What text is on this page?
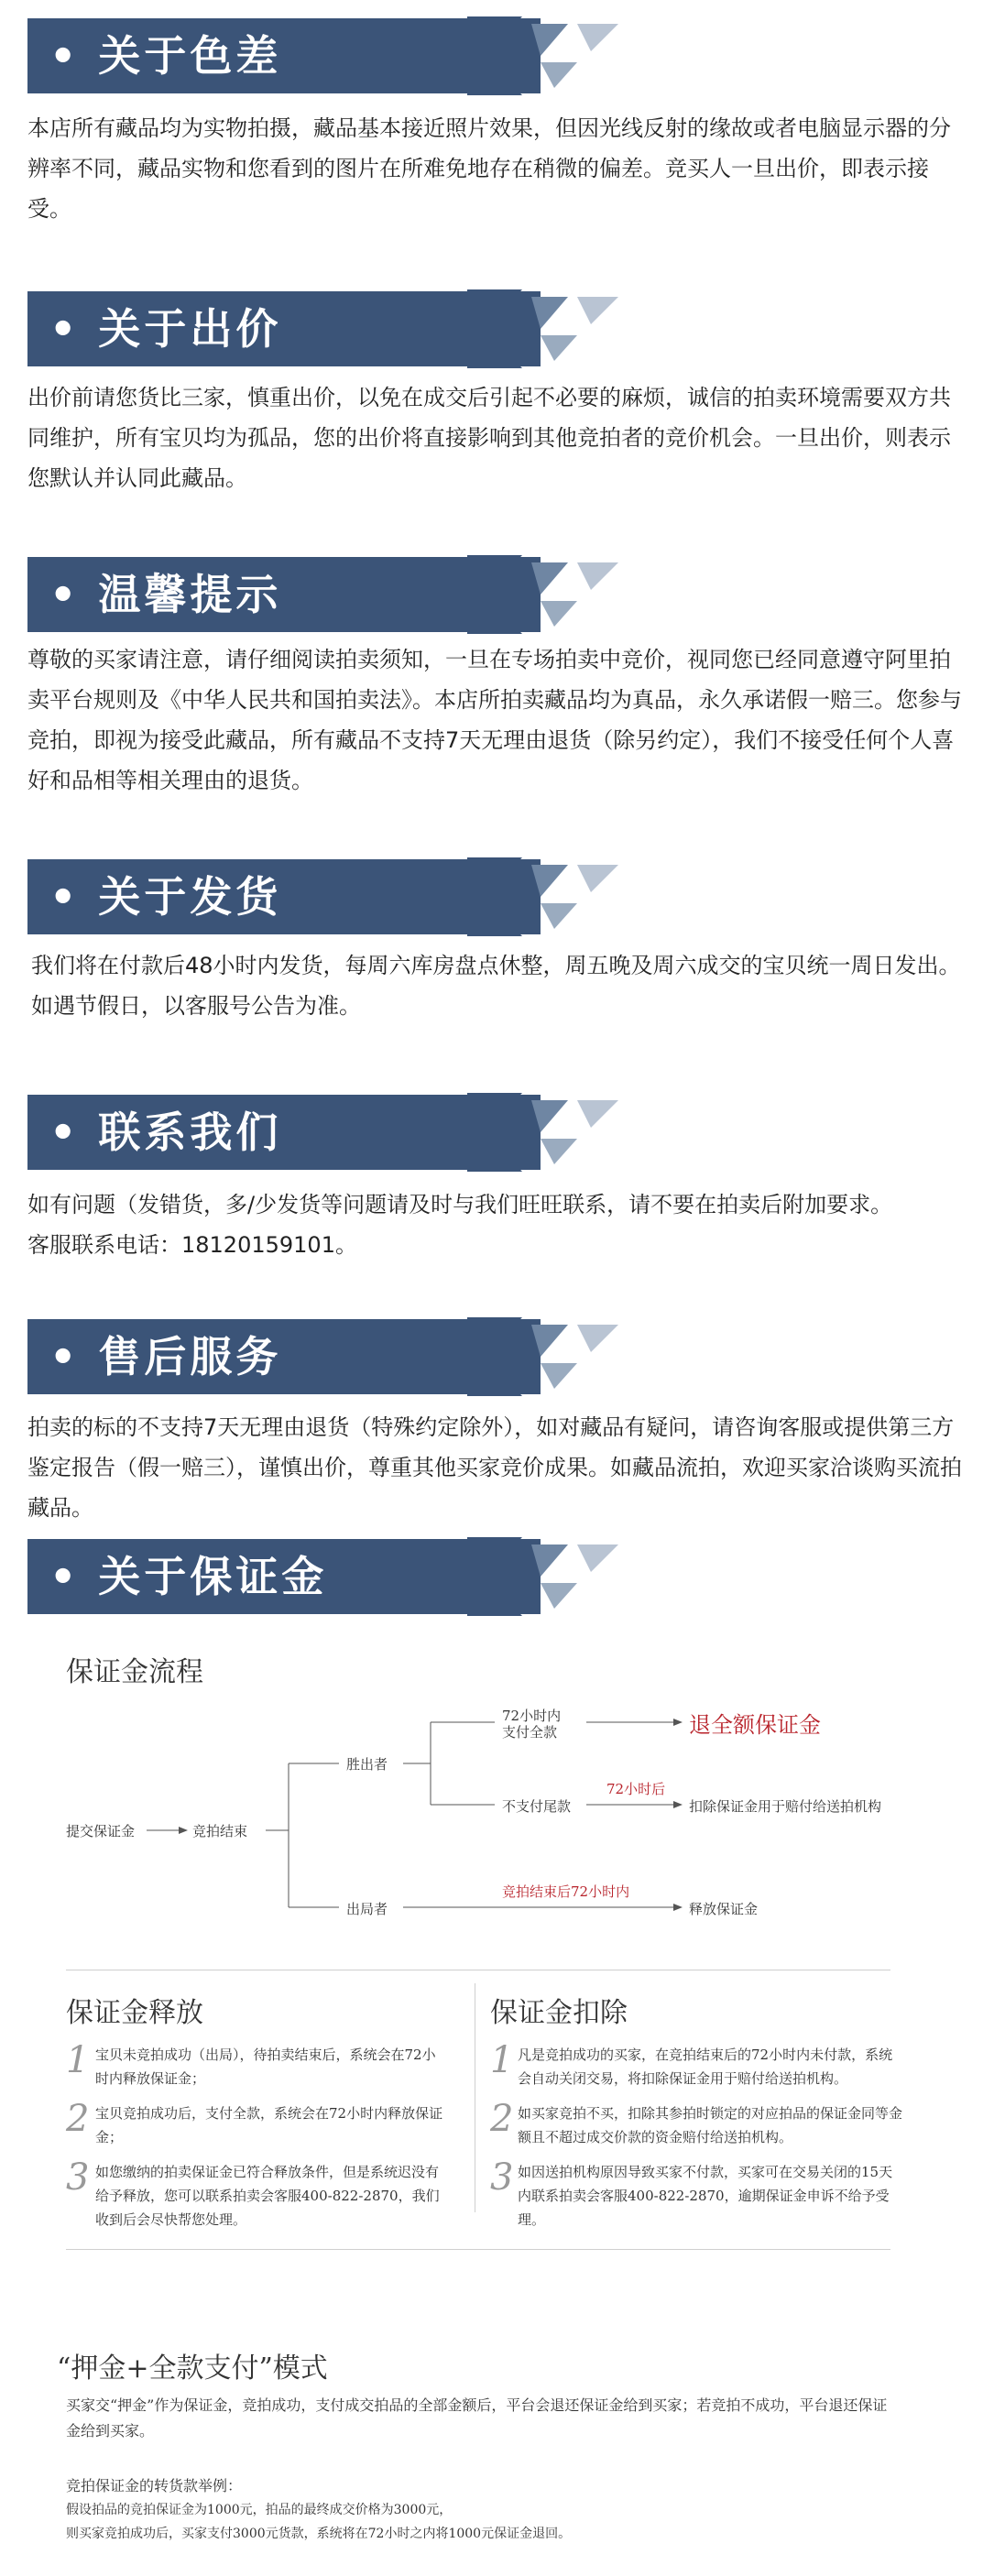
• 关于色差
本店所有藏品均为实物拍摄，藏品基本接近照片效果，但因光线反射的缘故或者电脑显示器的分辨率不同，藏品实物和您看到的图片在所难免地存在稍微的偏差。竞买人一旦出价，即表示接受。
• 关于出价
出价前请您货比三家，慎重出价，以免在成交后引起不必要的麻烦，诚信的拍卖环境需要双方共同维护，所有宝贝均为孤品，您的出价将直接影响到其他竞拍者的竞价机会。一旦出价，则表示您默认并认同此藏品。
• 温馨提示
尊敬的买家请注意，请仔细阅读拍卖须知，一旦在专场拍卖中竞价，视同您已经同意遵守阿里拍卖平台规则及《中华人民共和国拍卖法》。本店所拍卖藏品均为真品，永久承诺假一赔三。您参与竞拍，即视为接受此藏品，所有藏品不支持7天无理由退货（除另约定），我们不接受任何个人喜好和品相等相关理由的退货。
• 关于发货
我们将在付款后48小时内发货，每周六库房盘点休整，周五晚及周六成交的宝贝统一周日发出。如遇节假日，以客服号公告为准。
• 联系我们
如有问题（发错货，多/少发货等问题请及时与我们旺旺联系，请不要在拍卖后附加要求。
客服联系电话：18120159101。
• 售后服务
拍卖的标的不支持7天无理由退货（特殊约定除外），如对藏品有疑问，请咨询客服或提供第三方鉴定报告（假一赔三），谨慎出价，尊重其他买家竞价成果。如藏品流拍，欢迎买家洽谈购买流拍藏品。
• 关于保证金
保证金流程
提交保证金	竞拍结束
胜出者
72小时内
支付全款	退全额保证金
不支付尾款
72小时后
扣除保证金用于赔付给送拍机构
出局者
竞拍结束后72小时内
释放保证金
保证金释放	保证金扣除
1 宝贝未竞拍成功（出局），待拍卖结束后，系统会在72小时内释放保证金；
2 宝贝竞拍成功后，支付全款，系统会在72小时内释放保证金；
3 如您缴纳的拍卖保证金已符合释放条件，但是系统迟没有给予释放，您可以联系拍卖会客服400-822-2870，我们收到后会尽快帮您处理。
1 凡是竞拍成功的买家，在竞拍结束后的72小时内未付款，系统会自动关闭交易，将扣除保证金用于赔付给送拍机构。
2 如买家竞拍不买，扣除其参拍时锁定的对应拍品的保证金同等金额且不超过成交价款的资金赔付给送拍机构。
3 如因送拍机构原因导致买家不付款，买家可在交易关闭的15天内联系拍卖会客服400-822-2870，逾期保证金申诉不给予受理。
“押金+全款支付”模式
买家交“押金”作为保证金，竞拍成功，支付成交拍品的全部金额后，平台会退还保证金给到买家；若竞拍不成功，平台退还保证金给到买家。
竞拍保证金的转货款举例：
假设拍品的竞拍保证金为1000元，拍品的最终成交价格为3000元，
则买家竞拍成功后，买家支付3000元货款，系统将在72小时之内将1000元保证金退回。
